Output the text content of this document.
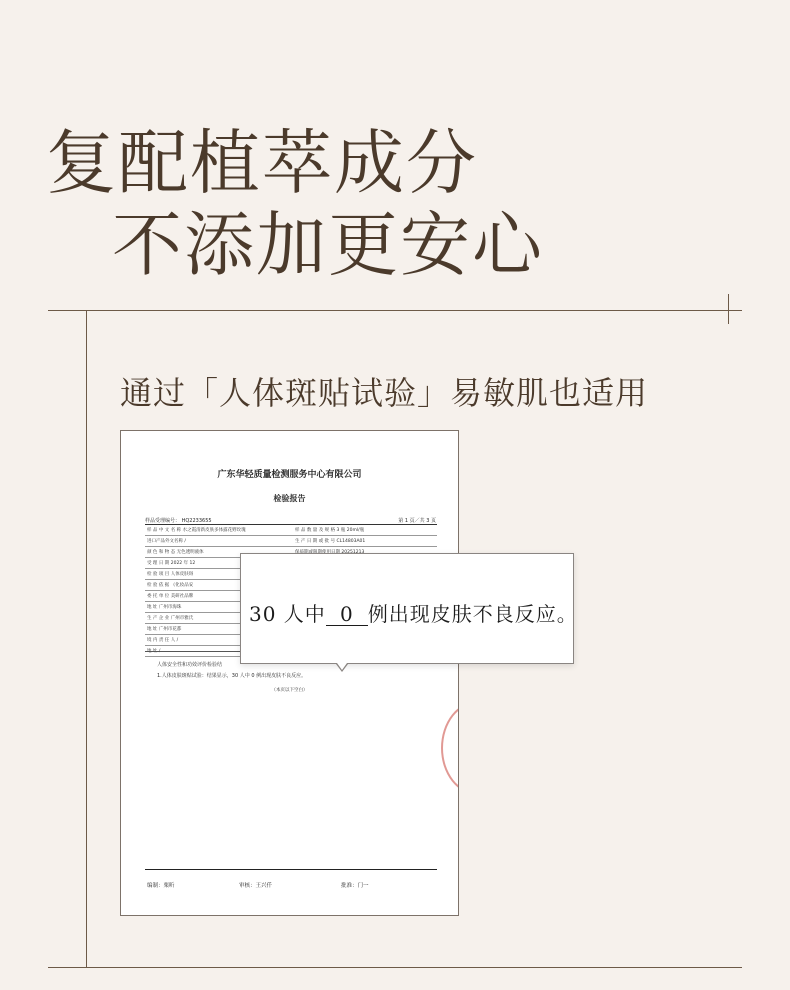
复配植萃成分
不添加更安心
通过「人体斑贴试验」易敏肌也适用
广东华轻质量检测服务中心有限公司
检验报告
样品受理编号： HQ2233655	第 1 页／共 3 页
样 品 中 文 名 称 水之霞清新皮肤多体露花野玫瑰	样 品 数 量 及 规 格 3 瓶 20ml/瓶
进口产品外文名称 /	生 产 日 期 或 批 号 CL14803A01
颜 色 和 物 态 无色透明液体
受 理 日 期 2022 年 12
检 验 项 目 人体皮肤斑
检 验 依 据 《化妆品安
委 托 单 位 美研社品牌
地 址 广州市海珠
生 产 企 业 广州市雅氏
地 址 广州市花都
境 内 责 任 人 /
人体安全性和功效评价检验结
1.人体皮肤斑贴试验：结果显示，30 人中 0 例出现皮肤不良反应。
（本页以下空白）
编制：栗昕	审核：王兴仟	批准：门一
30 人中 0 例出现皮肤不良反应。
